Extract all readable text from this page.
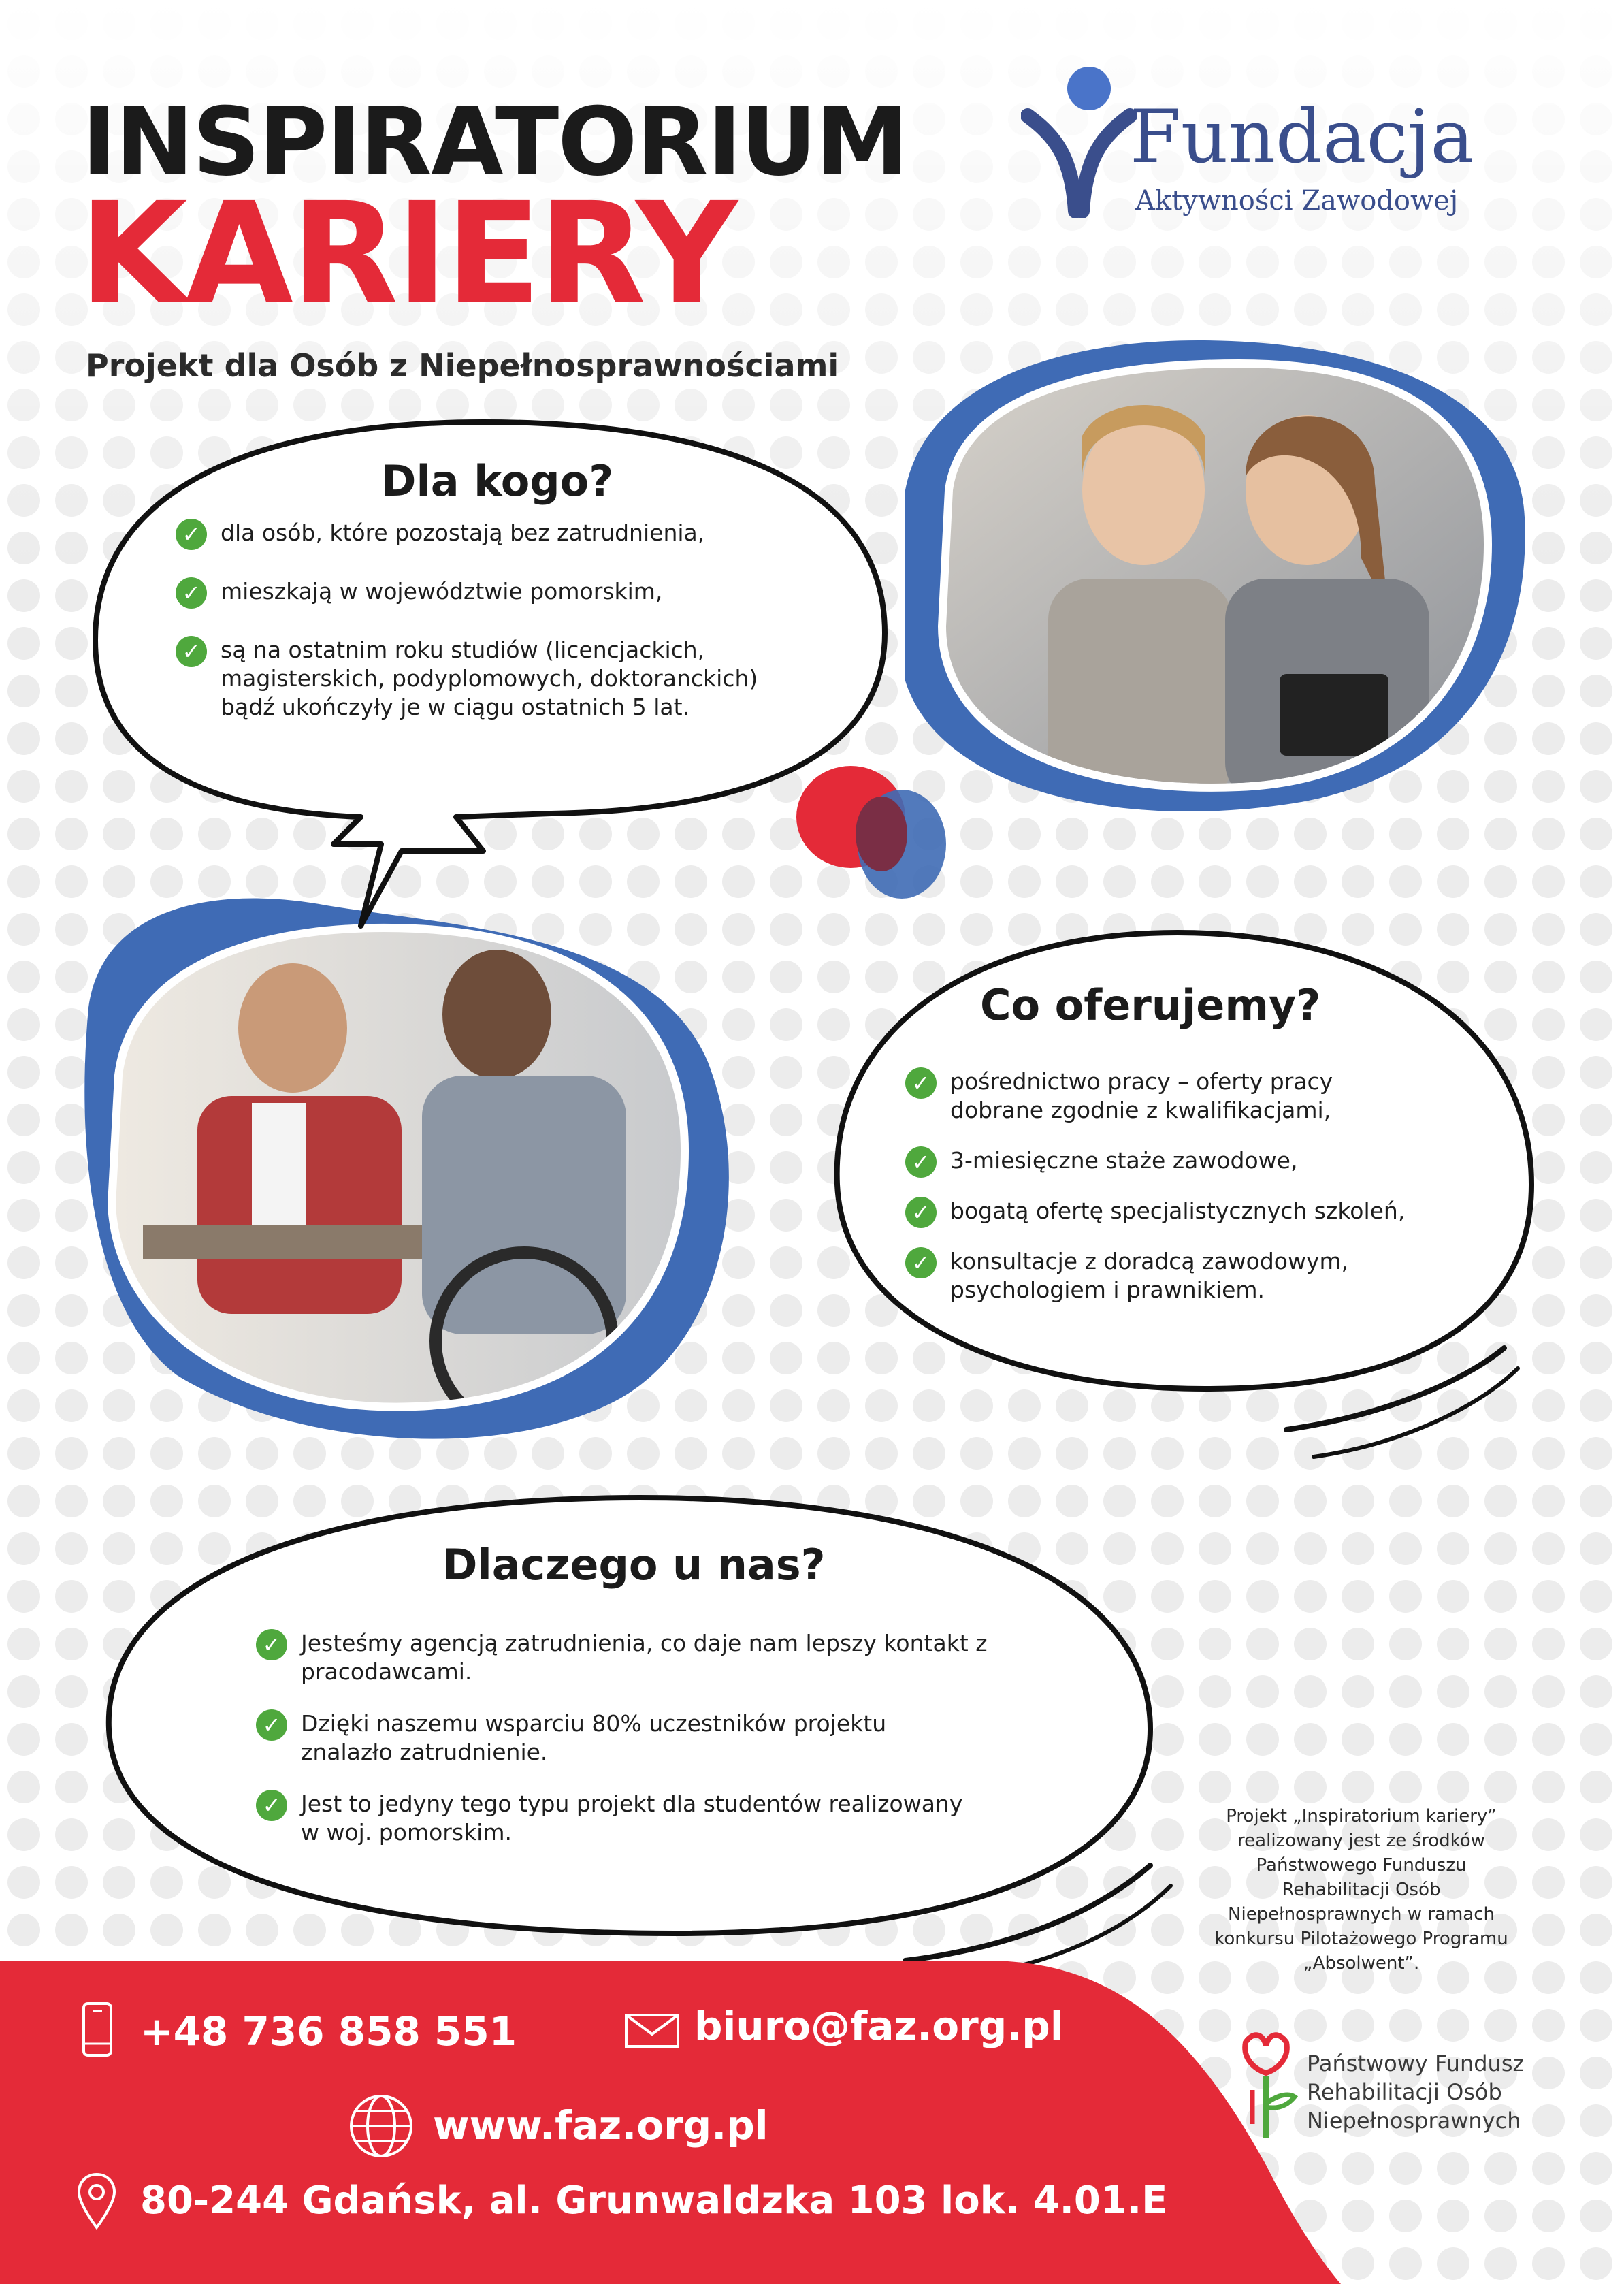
INSPIRATORIUM
KARIERY
Projekt dla Osób z Niepełnosprawnościami
Fundacja
Aktywności Zawodowej
Dla kogo?
✓ dla osób, które pozostają bez zatrudnienia,
✓ mieszkają w województwie pomorskim,
✓ są na ostatnim roku studiów (licencjackich, magisterskich, podyplomowych, doktoranckich) bądź ukończyły je w ciągu ostatnich 5 lat.
Co oferujemy?
✓ pośrednictwo pracy – oferty pracy dobrane zgodnie z kwalifikacjami,
✓ 3-miesięczne staże zawodowe,
✓ bogatą ofertę specjalistycznych szkoleń,
✓ konsultacje z doradcą zawodowym, psychologiem i prawnikiem.
Dlaczego u nas?
✓ Jesteśmy agencją zatrudnienia, co daje nam lepszy kontakt z pracodawcami.
✓ Dzięki naszemu wsparciu 80% uczestników projektu znalazło zatrudnienie.
✓ Jest to jedyny tego typu projekt dla studentów realizowany w woj. pomorskim.
Projekt „Inspiratorium kariery” realizowany jest ze środków Państwowego Funduszu Rehabilitacji Osób Niepełnosprawnych w ramach konkursu Pilotażowego Programu „Absolwent”.
Państwowy Fundusz
Rehabilitacji Osób
Niepełnosprawnych
+48 736 858 551	biuro@faz.org.pl
www.faz.org.pl
80-244 Gdańsk, al. Grunwaldzka 103 lok. 4.01.E
